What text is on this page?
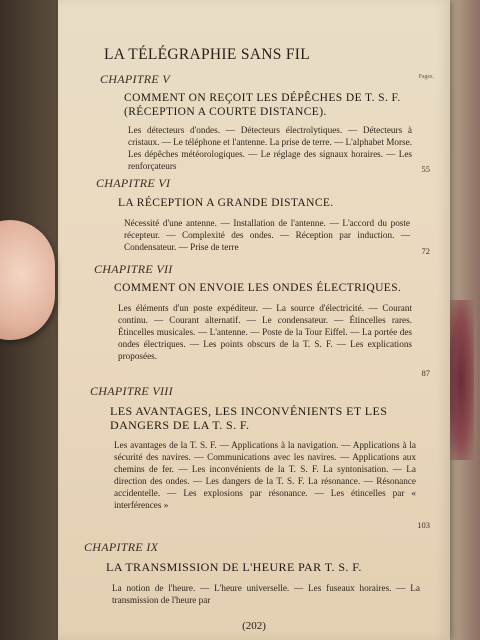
LA TÉLÉGRAPHIE SANS FIL
Pages.
CHAPITRE V
COMMENT ON REÇOIT LES DÉPÊCHES DE T. S. F. (RÉCEPTION A COURTE DISTANCE).
Les détecteurs d'ondes. — Détecteurs électrolytiques. — Détecteurs à cristaux. — Le téléphone et l'antenne. La prise de terre. — L'alphabet Morse. Les dépêches météorologiques. — Le réglage des signaux horaires. — Les renforçateurs	55
CHAPITRE VI
LA RÉCEPTION A GRANDE DISTANCE.
Nécessité d'une antenne. — Installation de l'antenne. — L'accord du poste récepteur. — Complexité des ondes. — Réception par induction. — Condensateur. — Prise de terre	72
CHAPITRE VII
COMMENT ON ENVOIE LES ONDES ÉLECTRIQUES.
Les éléments d'un poste expéditeur. — La source d'électricité. — Courant continu. — Courant alternatif. — Le condensateur. — Étincelles rares. Étincelles musicales. — L'antenne. — Poste de la Tour Eiffel. — La portée des ondes électriques. — Les points obscurs de la T. S. F. — Les explications proposées.
87
CHAPITRE VIII
LES AVANTAGES, LES INCONVÉNIENTS ET LES DANGERS DE LA T. S. F.
Les avantages de la T. S. F. — Applications à la navigation. — Applications à la sécurité des navires. — Communications avec les navires. — Applications aux chemins de fer. — Les inconvénients de la T. S. F. La syntonisation. — La direction des ondes. — Les dangers de la T. S. F. La résonance. — Résonance accidentelle. — Les explosions par résonance. — Les étincelles par « interférences »
103
CHAPITRE IX
LA TRANSMISSION DE L'HEURE PAR T. S. F.
La notion de l'heure. — L'heure universelle. — Les fuseaux horaires. — La transmission de l'heure par
(202)
